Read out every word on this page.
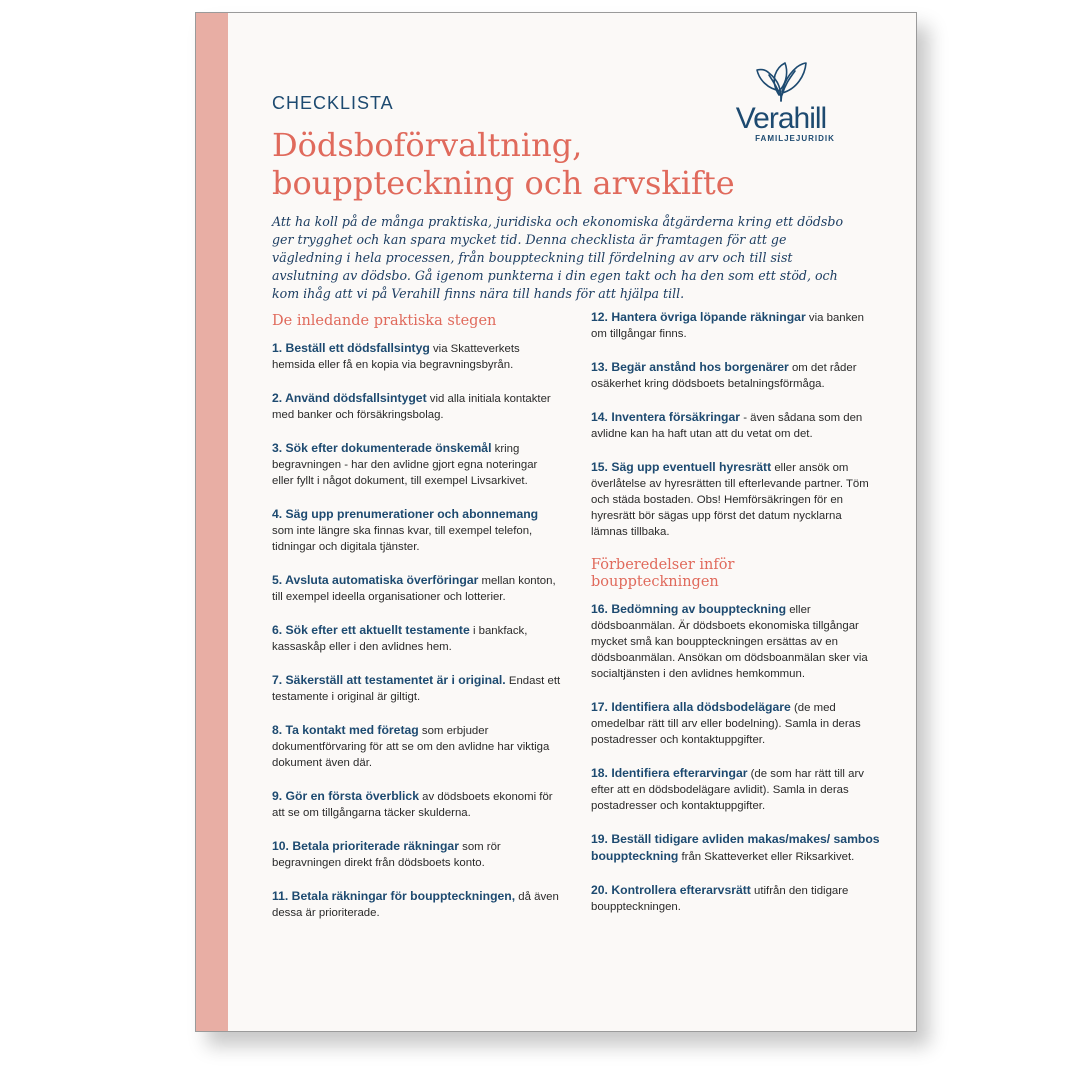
CHECKLISTA
Dödsboförvaltning,
bouppteckning och arvskifte
Verahill
FAMILJEJURIDIK

Att ha koll på de många praktiska, juridiska och ekonomiska åtgärderna kring ett dödsbo ger trygghet och kan spara mycket tid. Denna checklista är framtagen för att ge vägledning i hela processen, från bouppteckning till fördelning av arv och till sist avslutning av dödsbo. Gå igenom punkterna i din egen takt och ha den som ett stöd, och kom ihåg att vi på Verahill finns nära till hands för att hjälpa till.

De inledande praktiska stegen

1. Beställ ett dödsfallsintyg via Skatteverkets hemsida eller få en kopia via begravningsbyrån.

2. Använd dödsfallsintyget vid alla initiala kontakter med banker och försäkringsbolag.

3. Sök efter dokumenterade önskemål kring begravningen - har den avlidne gjort egna noteringar eller fyllt i något dokument, till exempel Livsarkivet.

4. Säg upp prenumerationer och abonnemang som inte längre ska finnas kvar, till exempel telefon, tidningar och digitala tjänster.

5. Avsluta automatiska överföringar mellan konton, till exempel ideella organisationer och lotterier.

6. Sök efter ett aktuellt testamente i bankfack, kassaskåp eller i den avlidnes hem.

7. Säkerställ att testamentet är i original. Endast ett testamente i original är giltigt.

8. Ta kontakt med företag som erbjuder dokumentförvaring för att se om den avlidne har viktiga dokument även där.

9. Gör en första överblick av dödsboets ekonomi för att se om tillgångarna täcker skulderna.

10. Betala prioriterade räkningar som rör begravningen direkt från dödsboets konto.

11. Betala räkningar för bouppteckningen, då även dessa är prioriterade.

12. Hantera övriga löpande räkningar via banken om tillgångar finns.

13. Begär anstånd hos borgenärer om det råder osäkerhet kring dödsboets betalningsförmåga.

14. Inventera försäkringar - även sådana som den avlidne kan ha haft utan att du vetat om det.

15. Säg upp eventuell hyresrätt eller ansök om överlåtelse av hyresrätten till efterlevande partner. Töm och städa bostaden. Obs! Hemförsäkringen för en hyresrätt bör sägas upp först det datum nycklarna lämnas tillbaka.

Förberedelser inför bouppteckningen

16. Bedömning av bouppteckning eller dödsboanmälan. Är dödsboets ekonomiska tillgångar mycket små kan bouppteckningen ersättas av en dödsboanmälan. Ansökan om dödsboanmälan sker via socialtjänsten i den avlidnes hemkommun.

17. Identifiera alla dödsbodelägare (de med omedelbar rätt till arv eller bodelning). Samla in deras postadresser och kontaktuppgifter.

18. Identifiera efterarvingar (de som har rätt till arv efter att en dödsbodelägare avlidit). Samla in deras postadresser och kontaktuppgifter.

19. Beställ tidigare avliden makas/makes/ sambos bouppteckning från Skatteverket eller Riksarkivet.

20. Kontrollera efterarvsrätt utifrån den tidigare bouppteckningen.
